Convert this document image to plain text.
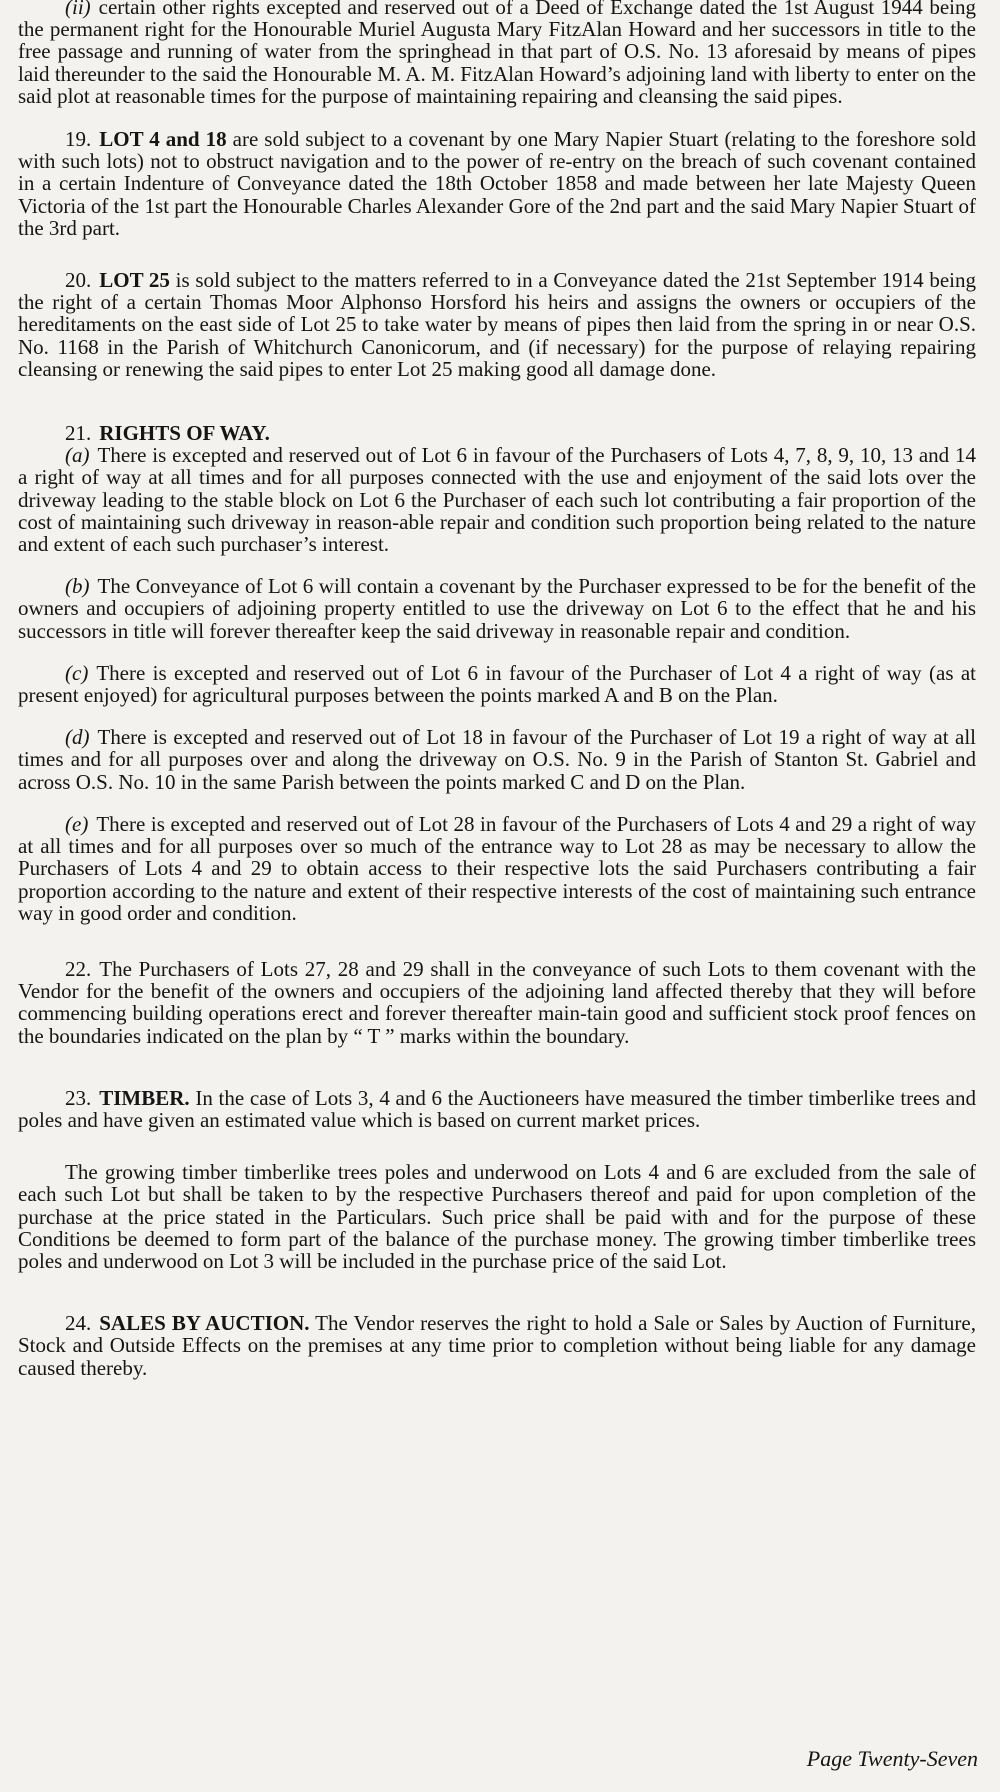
(ii) certain other rights excepted and reserved out of a Deed of Exchange dated the 1st August 1944 being the permanent right for the Honourable Muriel Augusta Mary FitzAlan Howard and her successors in title to the free passage and running of water from the springhead in that part of O.S. No. 13 aforesaid by means of pipes laid thereunder to the said the Honourable M. A. M. FitzAlan Howard’s adjoining land with liberty to enter on the said plot at reasonable times for the purpose of maintaining repairing and cleansing the said pipes.

19. LOT 4 and 18 are sold subject to a covenant by one Mary Napier Stuart (relating to the foreshore sold with such lots) not to obstruct navigation and to the power of re-entry on the breach of such covenant contained in a certain Indenture of Conveyance dated the 18th October 1858 and made between her late Majesty Queen Victoria of the 1st part the Honourable Charles Alexander Gore of the 2nd part and the said Mary Napier Stuart of the 3rd part.

20. LOT 25 is sold subject to the matters referred to in a Conveyance dated the 21st September 1914 being the right of a certain Thomas Moor Alphonso Horsford his heirs and assigns the owners or occupiers of the hereditaments on the east side of Lot 25 to take water by means of pipes then laid from the spring in or near O.S. No. 1168 in the Parish of Whitchurch Canonicorum, and (if necessary) for the purpose of relaying repairing cleansing or renewing the said pipes to enter Lot 25 making good all damage done.

21. RIGHTS OF WAY.

(a) There is excepted and reserved out of Lot 6 in favour of the Purchasers of Lots 4, 7, 8, 9, 10, 13 and 14 a right of way at all times and for all purposes connected with the use and enjoyment of the said lots over the driveway leading to the stable block on Lot 6 the Purchaser of each such lot contributing a fair proportion of the cost of maintaining such driveway in reason-able repair and condition such proportion being related to the nature and extent of each such purchaser’s interest.

(b) The Conveyance of Lot 6 will contain a covenant by the Purchaser expressed to be for the benefit of the owners and occupiers of adjoining property entitled to use the driveway on Lot 6 to the effect that he and his successors in title will forever thereafter keep the said driveway in reasonable repair and condition.

(c) There is excepted and reserved out of Lot 6 in favour of the Purchaser of Lot 4 a right of way (as at present enjoyed) for agricultural purposes between the points marked A and B on the Plan.

(d) There is excepted and reserved out of Lot 18 in favour of the Purchaser of Lot 19 a right of way at all times and for all purposes over and along the driveway on O.S. No. 9 in the Parish of Stanton St. Gabriel and across O.S. No. 10 in the same Parish between the points marked C and D on the Plan.

(e) There is excepted and reserved out of Lot 28 in favour of the Purchasers of Lots 4 and 29 a right of way at all times and for all purposes over so much of the entrance way to Lot 28 as may be necessary to allow the Purchasers of Lots 4 and 29 to obtain access to their respective lots the said Purchasers contributing a fair proportion according to the nature and extent of their respective interests of the cost of maintaining such entrance way in good order and condition.

22. The Purchasers of Lots 27, 28 and 29 shall in the conveyance of such Lots to them covenant with the Vendor for the benefit of the owners and occupiers of the adjoining land affected thereby that they will before commencing building operations erect and forever thereafter main-tain good and sufficient stock proof fences on the boundaries indicated on the plan by “ T ” marks within the boundary.

23. TIMBER. In the case of Lots 3, 4 and 6 the Auctioneers have measured the timber timberlike trees and poles and have given an estimated value which is based on current market prices.

The growing timber timberlike trees poles and underwood on Lots 4 and 6 are excluded from the sale of each such Lot but shall be taken to by the respective Purchasers thereof and paid for upon completion of the purchase at the price stated in the Particulars. Such price shall be paid with and for the purpose of these Conditions be deemed to form part of the balance of the purchase money. The growing timber timberlike trees poles and underwood on Lot 3 will be included in the purchase price of the said Lot.

24. SALES BY AUCTION. The Vendor reserves the right to hold a Sale or Sales by Auction of Furniture, Stock and Outside Effects on the premises at any time prior to completion without being liable for any damage caused thereby.

Page Twenty-Seven
